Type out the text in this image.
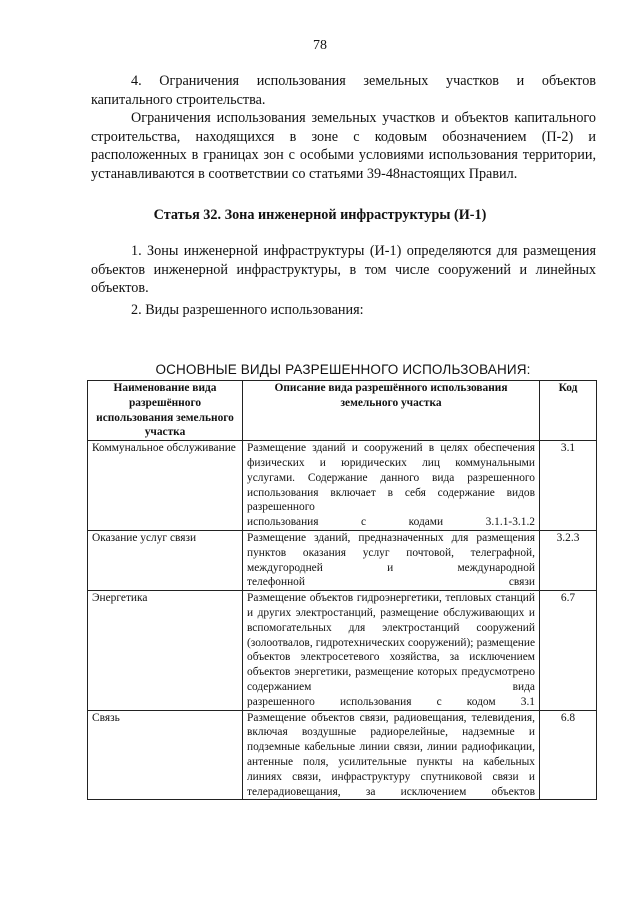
78

4. Ограничения использования земельных участков и объектов капитального строительства.

Ограничения использования земельных участков и объектов капитального строительства, находящихся в зоне с кодовым обозначением (П-2) и расположенных в границах зон с особыми условиями использования территории, устанавливаются в соответствии со статьями 39-48настоящих Правил.

Статья 32. Зона инженерной инфраструктуры (И-1)

1. Зоны инженерной инфраструктуры (И-1) определяются для размещения объектов инженерной инфраструктуры, в том числе сооружений и линейных объектов.

2. Виды разрешенного использования:

ОСНОВНЫЕ ВИДЫ РАЗРЕШЕННОГО ИСПОЛЬЗОВАНИЯ:
Наименование вида разрешённого использования земельного участка	Описание вида разрешённого использования земельного участка	Код
Коммунальное обслуживание	Размещение зданий и сооружений в целях обеспечения физических и юридических лиц коммунальными услугами. Содержание данного вида разрешенного использования включает в себя содержание видов разрешенного
использования с кодами 3.1.1-3.1.2	3.1
Оказание услуг связи	Размещение зданий, предназначенных для размещения пунктов оказания услуг почтовой, телеграфной, междугородней и международной
телефонной связи	3.2.3
Энергетика	Размещение объектов гидроэнергетики, тепловых станций и других электростанций, размещение обслуживающих и вспомогательных для электростанций сооружений (золоотвалов, гидротехнических сооружений); размещение объектов электросетевого хозяйства, за исключением объектов энергетики, размещение которых предусмотрено содержанием вида
разрешенного использования с кодом 3.1	6.7
Связь	Размещение объектов связи, радиовещания, телевидения, включая воздушные радиорелейные, надземные и подземные кабельные линии связи, линии радиофикации, антенные поля, усилительные пункты на кабельных линиях связи, инфраструктуру спутниковой связи и телерадиовещания, за исключением объектов	6.8
